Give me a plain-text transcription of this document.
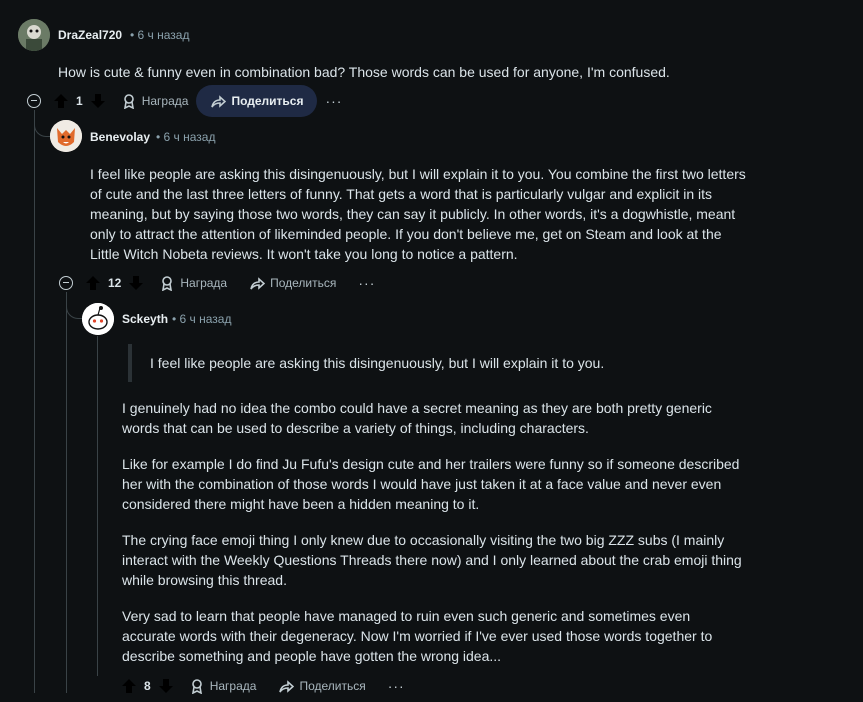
DraZeal720 • 6 ч назад

How is cute & funny even in combination bad? Those words can be used for anyone, I'm confused.

1	Награда	Поделиться ···
Benevolay • 6 ч назад

I feel like people are asking this disingenuously, but I will explain it to you. You combine the first two letters of cute and the last three letters of funny. That gets a word that is particularly vulgar and explicit in its meaning, but by saying those two words, they can say it publicly. In other words, it's a dogwhistle, meant only to attract the attention of likeminded people. If you don't believe me, get on Steam and look at the Little Witch Nobeta reviews. It won't take you long to notice a pattern.

12	Награда	Поделиться ···
Sckeyth • 6 ч назад
I feel like people are asking this disingenuously, but I will explain it to you.

I genuinely had no idea the combo could have a secret meaning as they are both pretty generic words that can be used to describe a variety of things, including characters.

Like for example I do find Ju Fufu's design cute and her trailers were funny so if someone described her with the combination of those words I would have just taken it at a face value and never even considered there might have been a hidden meaning to it.

The crying face emoji thing I only knew due to occasionally visiting the two big ZZZ subs (I mainly interact with the Weekly Questions Threads there now) and I only learned about the crab emoji thing while browsing this thread.

Very sad to learn that people have managed to ruin even such generic and sometimes even accurate words with their degeneracy. Now I'm worried if I've ever used those words together to describe something and people have gotten the wrong idea...

8	Награда	Поделиться ···
